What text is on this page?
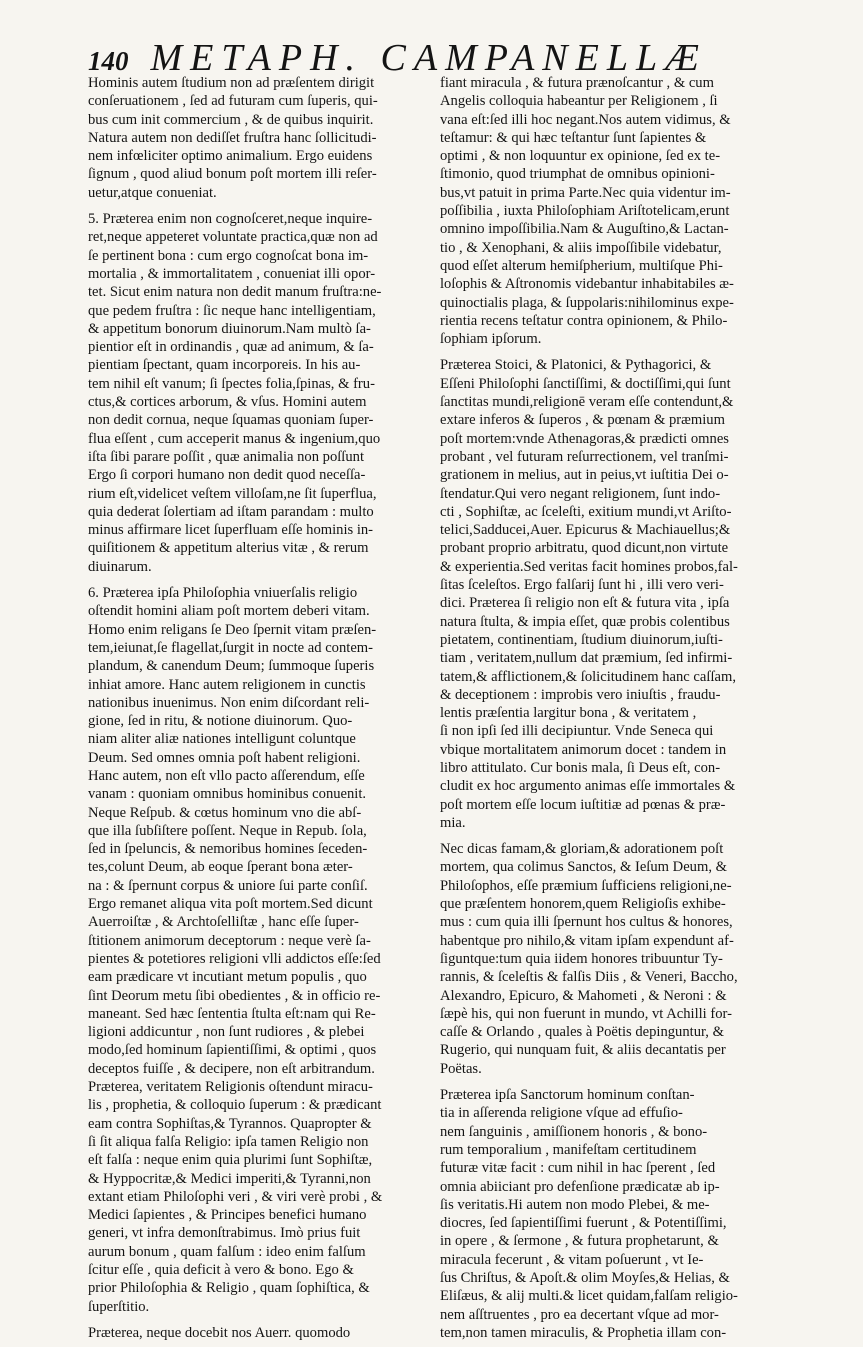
140 METAPH. CAMPANELLÆ
Hominis autem ſtudium non ad præſentem dirigit
conſeruationem , ſed ad futuram cum ſuperis, qui-
bus cum init commercium , & de quibus inquirit.
Natura autem non dediſſet fruſtra hanc ſollicitudi-
nem infœliciter optimo animalium. Ergo euidens
ſignum , quod aliud bonum poſt mortem illi reſer-
uetur,atque conueniat.
5. Præterea enim non cognoſceret,neque inquire-
ret,neque appeteret voluntate practica,quæ non ad
ſe pertinent bona : cum ergo cognoſcat bona im-
mortalia , & immortalitatem , conueniat illi opor-
tet. Sicut enim natura non dedit manum fruſtra:ne-
que pedem fruſtra : ſic neque hanc intelligentiam,
& appetitum bonorum diuinorum.Nam multò ſa-
pientior eſt in ordinandis , quæ ad animum, & ſa-
pientiam ſpectant, quam incorporeis. In his au-
tem nihil eſt vanum; ſi ſpectes folia,ſpinas, & fru-
ctus,& cortices arborum, & vſus. Homini autem
non dedit cornua, neque ſquamas quoniam ſuper-
flua eſſent , cum acceperit manus & ingenium,quo
iſta ſibi parare poſſit , quæ animalia non poſſunt
Ergo ſi corpori humano non dedit quod neceſſa-
rium eſt,videlicet veſtem villoſam,ne ſit ſuperflua,
quia dederat ſolertiam ad iſtam parandam : multo
minus affirmare licet ſuperfluam eſſe hominis in-
quiſitionem & appetitum alterius vitæ , & rerum
diuinarum.
6. Præterea ipſa Philoſophia vniuerſalis religio
oſtendit homini aliam poſt mortem deberi vitam.
Homo enim religans ſe Deo ſpernit vitam præſen-
tem,ieiunat,ſe flagellat,ſurgit in nocte ad contem-
plandum, & canendum Deum; ſummoque ſuperis
inhiat amore. Hanc autem religionem in cunctis
nationibus inuenimus. Non enim diſcordant reli-
gione, ſed in ritu, & notione diuinorum. Quo-
niam aliter aliæ nationes intelligunt coluntque
Deum. Sed omnes omnia poſt habent religioni.
Hanc autem, non eſt vllo pacto aſſerendum, eſſe
vanam : quoniam omnibus hominibus conuenit.
Neque Reſpub. & cœtus hominum vno die abſ-
que illa ſubſiſtere poſſent. Neque in Repub. ſola,
ſed in ſpeluncis, & nemoribus homines ſeceden-
tes,colunt Deum, ab eoque ſperant bona æter-
na : & ſpernunt corpus & uniore ſui parte conſiſ.
Ergo remanet aliqua vita poſt mortem.Sed dicunt
Auerroiſtæ , & Archtoſelliſtæ , hanc eſſe ſuper-
ſtitionem animorum deceptorum : neque verè ſa-
pientes & potetiores religioni vlli addictos eſſe:ſed
eam prædicare vt incutiant metum populis , quo
ſint Deorum metu ſibi obedientes , & in officio re-
maneant. Sed hæc ſententia ſtulta eſt:nam qui Re-
ligioni addicuntur , non ſunt rudiores , & plebei
modo,ſed hominum ſapientiſſimi, & optimi , quos
deceptos fuiſſe , & decipere, non eſt arbitrandum.
Præterea, veritatem Religionis oſtendunt miracu-
lis , prophetia, & colloquio ſuperum : & prædicant
eam contra Sophiſtas,& Tyrannos. Quapropter &
ſi ſit aliqua falſa Religio: ipſa tamen Religio non
eſt falſa : neque enim quia plurimi ſunt Sophiſtæ,
& Hyppocritæ,& Medici imperiti,& Tyranni,non
extant etiam Philoſophi veri , & viri verè probi , &
Medici ſapientes , & Principes benefici humano
generi, vt infra demonſtrabimus. Imò prius fuit
aurum bonum , quam falſum : ideo enim falſum
ſcitur eſſe , quia deficit à vero & bono. Ego &
prior Philoſophia & Religio , quam ſophiſtica, &
ſuperſtitio.
Præterea, neque docebit nos Auerr. quomodo
fiant miracula , & futura prænoſcantur , & cum
Angelis colloquia habeantur per Religionem , ſi
vana eſt:ſed illi hoc negant.Nos autem vidimus, &
teſtamur: & qui hæc teſtantur ſunt ſapientes &
optimi , & non loquuntur ex opinione, ſed ex te-
ſtimonio, quod triumphat de omnibus opinioni-
bus,vt patuit in prima Parte.Nec quia videntur im-
poſſibilia , iuxta Philoſophiam Ariſtotelicam,erunt
omnino impoſſibilia.Nam & Auguſtino,& Lactan-
tio , & Xenophani, & aliis impoſſibile videbatur,
quod eſſet alterum hemiſpherium, multiſque Phi-
loſophis & Aſtronomis videbantur inhabitabiles æ-
quinoctialis plaga, & ſuppolaris:nihilominus expe-
rientia recens teſtatur contra opinionem, & Philo-
ſophiam ipſorum.
Præterea Stoici, & Platonici, & Pythagorici, &
Eſſeni Philoſophi ſanctiſſimi, & doctiſſimi,qui ſunt
ſanctitas mundi,religionē veram eſſe contendunt,&
extare inferos & ſuperos , & pœnam & præmium
poſt mortem:vnde Athenagoras,& prædicti omnes
probant , vel futuram reſurrectionem, vel tranſmi-
grationem in melius, aut in peius,vt iuſtitia Dei o-
ſtendatur.Qui vero negant religionem, ſunt indo-
cti , Sophiſtæ, ac ſceleſti, exitium mundi,vt Ariſto-
telici,Sadducei,Auer. Epicurus & Machiauellus;&
probant proprio arbitratu, quod dicunt,non virtute
& experientia.Sed veritas facit homines probos,fal-
ſitas ſceleſtos. Ergo falſarij ſunt hi , illi vero veri-
dici. Præterea ſi religio non eſt & futura vita , ipſa
natura ſtulta, & impia eſſet, quæ probis colentibus
pietatem, continentiam, ſtudium diuinorum,iuſti-
tiam , veritatem,nullum dat præmium, ſed infirmi-
tatem,& afflictionem,& ſolicitudinem hanc caſſam,
& deceptionem : improbis vero iniuſtis , fraudu-
lentis præſentia largitur bona , & veritatem ,
ſi non ipſi ſed illi decipiuntur. Vnde Seneca qui
vbique mortalitatem animorum docet : tandem in
libro attitulato. Cur bonis mala, ſi Deus eſt, con-
cludit ex hoc argumento animas eſſe immortales &
poſt mortem eſſe locum iuſtitiæ ad pœnas & præ-
mia.
Nec dicas famam,& gloriam,& adorationem poſt
mortem, qua colimus Sanctos, & Ieſum Deum, &
Philoſophos, eſſe præmium ſufficiens religioni,ne-
que præſentem honorem,quem Religioſis exhibe-
mus : cum quia illi ſpernunt hos cultus & honores,
habentque pro nihilo,& vitam ipſam expendunt af-
ſiguntque:tum quia iidem honores tribuuntur Ty-
rannis, & ſceleſtis & falſis Diis , & Veneri, Baccho,
Alexandro, Epicuro, & Mahometi , & Neroni : &
ſæpè his, qui non fuerunt in mundo, vt Achilli for-
caſſe & Orlando , quales à Poëtis depinguntur, &
Rugerio, qui nunquam fuit, & aliis decantatis per
Poëtas.
Præterea ipſa Sanctorum hominum conſtan-
tia in aſſerenda religione vſque ad effuſio-
nem ſanguinis , amiſſionem honoris , & bono-
rum temporalium , manifeſtam certitudinem
futuræ vitæ facit : cum nihil in hac ſperent , ſed
omnia abiiciant pro defenſione prædicatæ ab ip-
ſis veritatis.Hi autem non modo Plebei, & me-
diocres, ſed ſapientiſſimi fuerunt , & Potentiſſimi,
in opere , & ſermone , & futura prophetarunt, &
miracula fecerunt , & vitam poſuerunt , vt Ie-
ſus Chriſtus, & Apoſt.& olim Moyſes,& Helias, &
Eliſæus, & alij multi.& licet quidam,falſam religio-
nem aſſtruentes , pro ea decertant vſque ad mor-
tem,non tamen miraculis, & Prophetia illam con-
